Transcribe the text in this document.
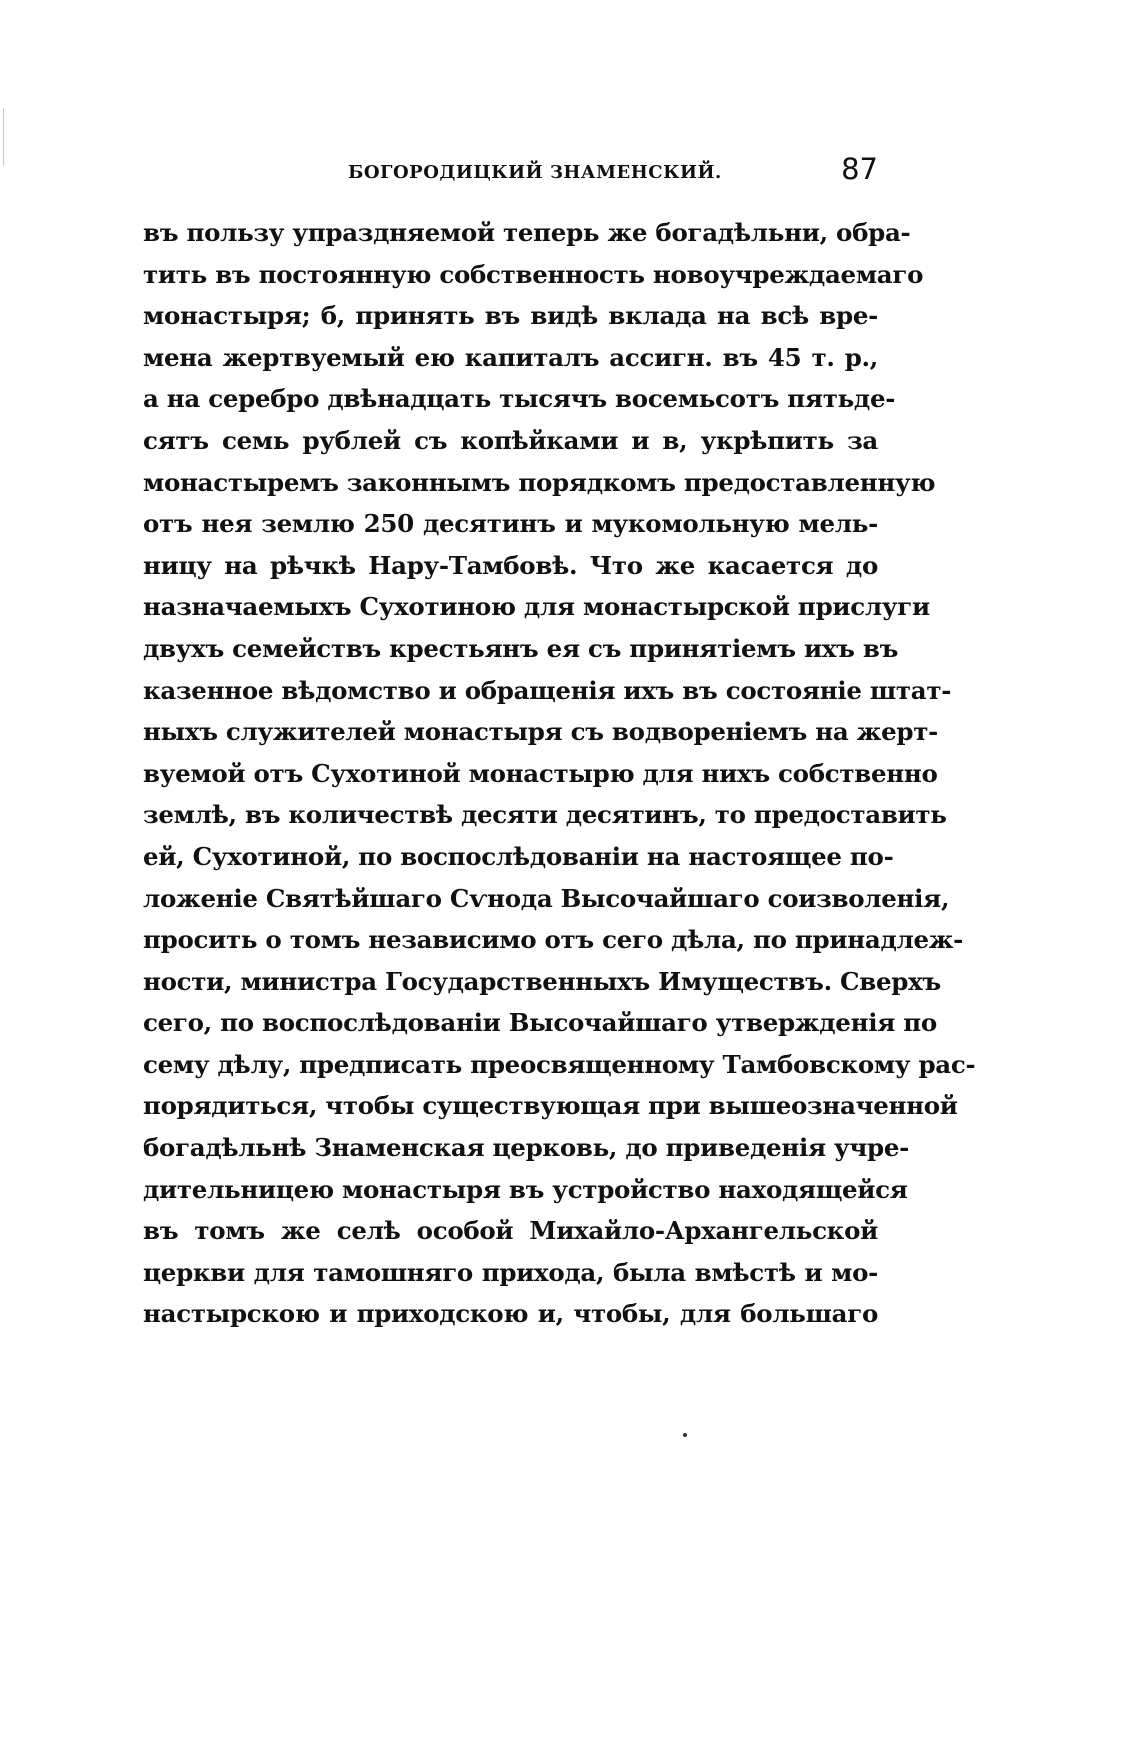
БОГОРОДИЦКИЙ ЗНАМЕНСКИЙ.	87
въ пользу упраздняемой теперь же богадѣльни, обра-
тить въ постоянную собственность новоучреждаемаго
монастыря; б, принять въ видѣ вклада на всѣ вре-
мена жертвуемый ею капиталъ ассигн. въ 45 т. р.,
а на серебро двѣнадцать тысячъ восемьсотъ пятьде-
сятъ семь рублей съ копѣйками и в, укрѣпить за
монастыремъ законнымъ порядкомъ предоставленную
отъ нея землю 250 десятинъ и мукомольную мель-
ницу на рѣчкѣ Нару-Тамбовѣ. Что же касается до
назначаемыхъ Сухотиною для монастырской прислуги
двухъ семействъ крестьянъ ея съ принятіемъ ихъ въ
казенное вѣдомство и обращенія ихъ въ состояніе штат-
ныхъ служителей монастыря съ водвореніемъ на жерт-
вуемой отъ Сухотиной монастырю для нихъ собственно
землѣ, въ количествѣ десяти десятинъ, то предоставить
ей, Сухотиной, по воспослѣдованіи на настоящее по-
ложеніе Святѣйшаго Сѵнода Высочайшаго соизволенія,
просить о томъ независимо отъ сего дѣла, по принадлеж-
ности, министра Государственныхъ Имуществъ. Сверхъ
сего, по воспослѣдованіи Высочайшаго утвержденія по
сему дѣлу, предписать преосвященному Тамбовскому рас-
порядиться, чтобы существующая при вышеозначенной
богадѣльнѣ Знаменская церковь, до приведенія учре-
дительницею монастыря въ устройство находящейся
въ томъ же селѣ особой Михайло-Архангельской
церкви для тамошняго прихода, была вмѣстѣ и мо-
настырскою и приходскою и, чтобы, для большаго
